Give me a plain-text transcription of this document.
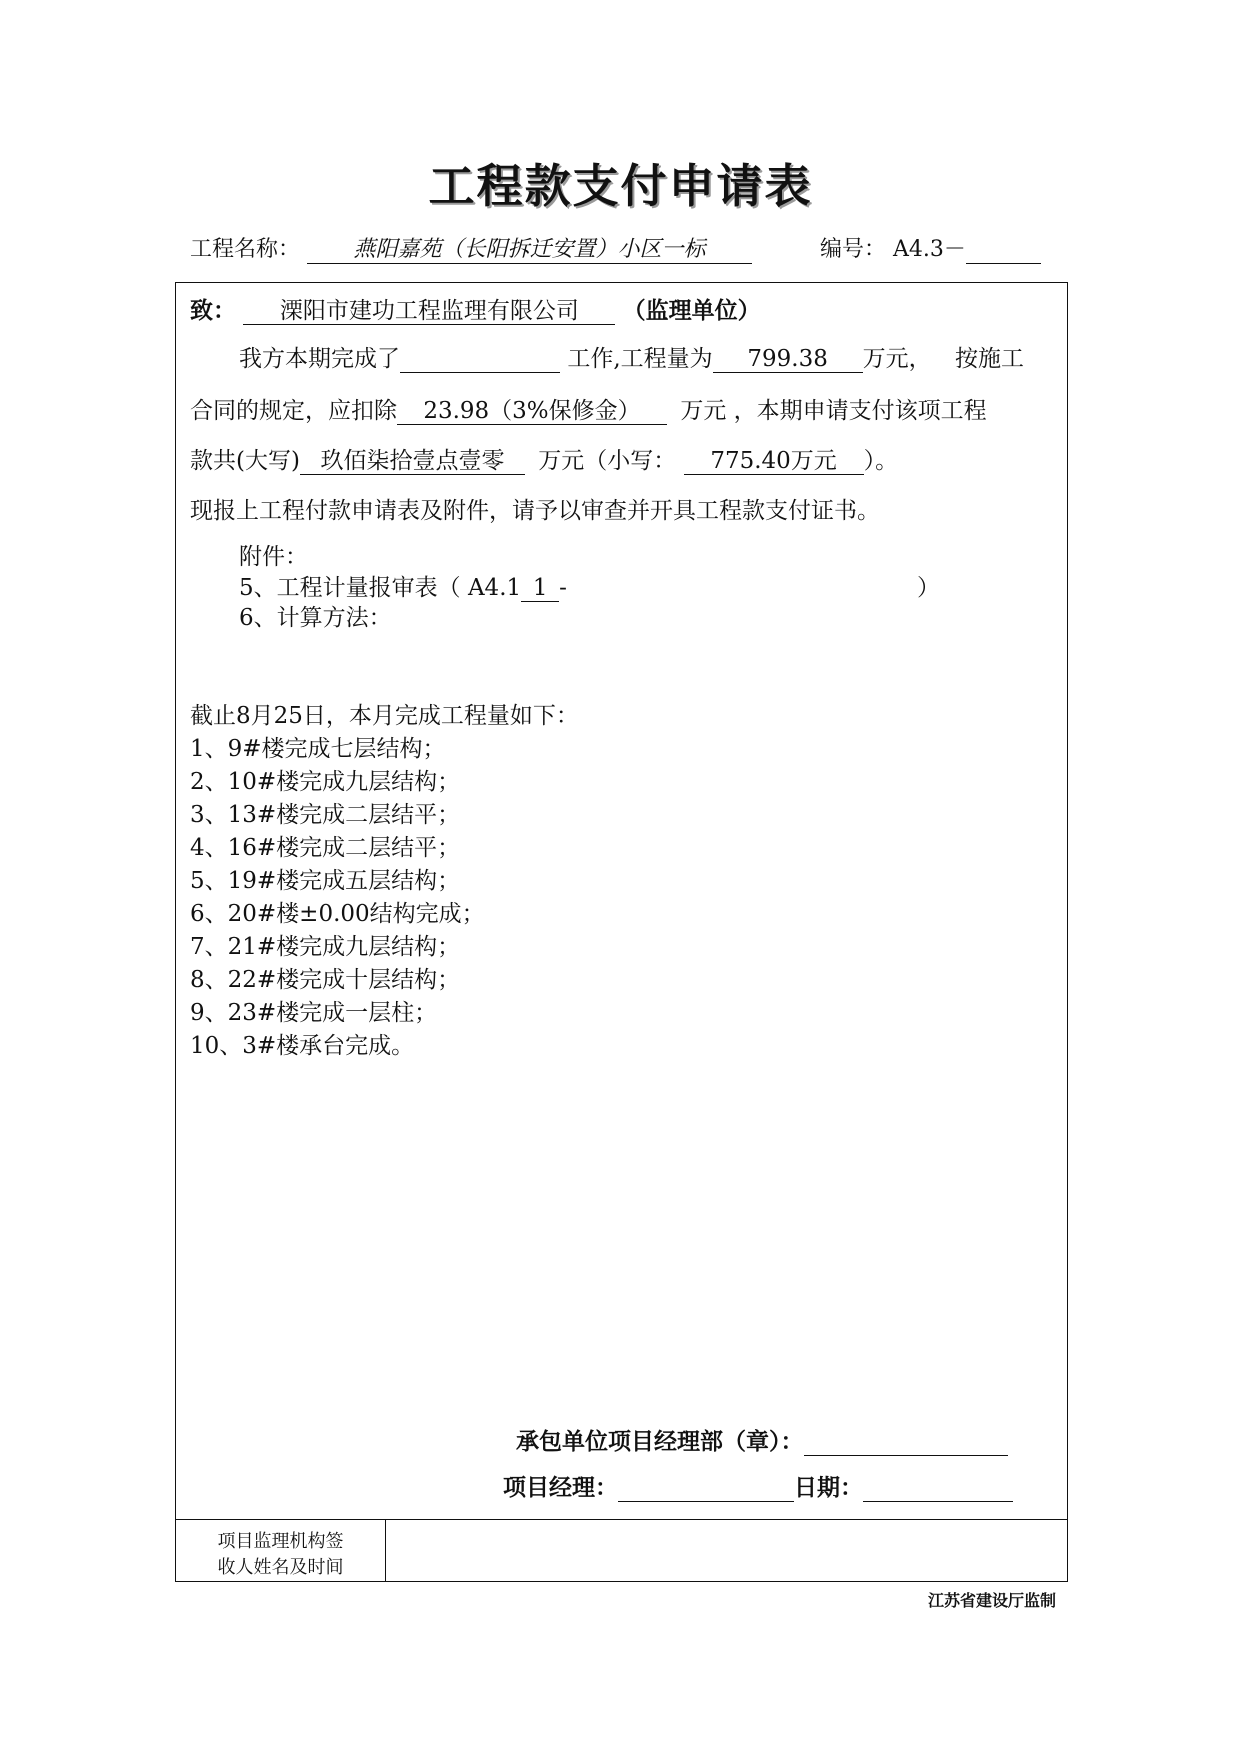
工程款支付申请表
工程名称： 燕阳嘉苑（长阳拆迁安置）小区一标	编号： A4.3－
致： 溧阳市建功工程监理有限公司 （监理单位）
我方本期完成了	工作,工程量为 799.38 万元， 按施工
合同的规定，应扣除 23.98（3%保修金） 万元 ，本期申请支付该项工程
款共(大写) 玖佰柒拾壹点壹零 万元（小写： 775.40万元 ）。
现报上工程付款申请表及附件，请予以审查并开具工程款支付证书。
附件：
5、工程计量报审表（ A4.1 1 -	）
6、计算方法：
截止8月25日，本月完成工程量如下：
1、9#楼完成七层结构；
2、10#楼完成九层结构；
3、13#楼完成二层结平；
4、16#楼完成二层结平；
5、19#楼完成五层结构；
6、20#楼±0.00结构完成；
7、21#楼完成九层结构；
8、22#楼完成十层结构；
9、23#楼完成一层柱；
10、3#楼承台完成。
承包单位项目经理部（章）：
项目经理：	日期：
项目监理机构签
收人姓名及时间
江苏省建设厅监制
